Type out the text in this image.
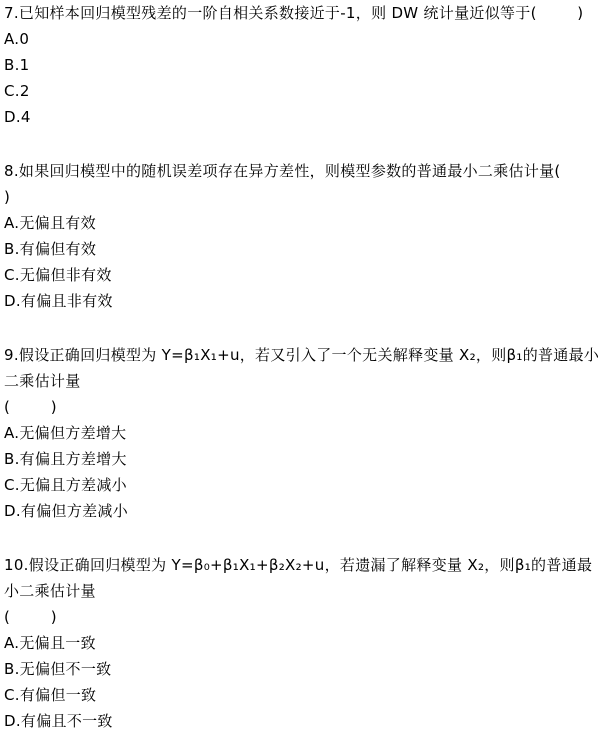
7.已知样本回归模型残差的一阶自相关系数接近于-1，则 DW 统计量近似等于(        )
A.0
B.1
C.2
D.4
8.如果回归模型中的随机误差项存在异方差性，则模型参数的普通最小二乘估计量(        )
A.无偏且有效
B.有偏但有效
C.无偏但非有效
D.有偏且非有效
9.假设正确回归模型为 Y=β₁X₁+u，若又引入了一个无关解释变量 X₂，则β₁的普通最小二乘估计量
(        )
A.无偏但方差增大
B.有偏且方差增大
C.无偏且方差减小
D.有偏但方差减小
10.假设正确回归模型为 Y=β₀+β₁X₁+β₂X₂+u，若遗漏了解释变量 X₂，则β₁的普通最小二乘估计量
(        )
A.无偏且一致
B.无偏但不一致
C.有偏但一致
D.有偏且不一致
